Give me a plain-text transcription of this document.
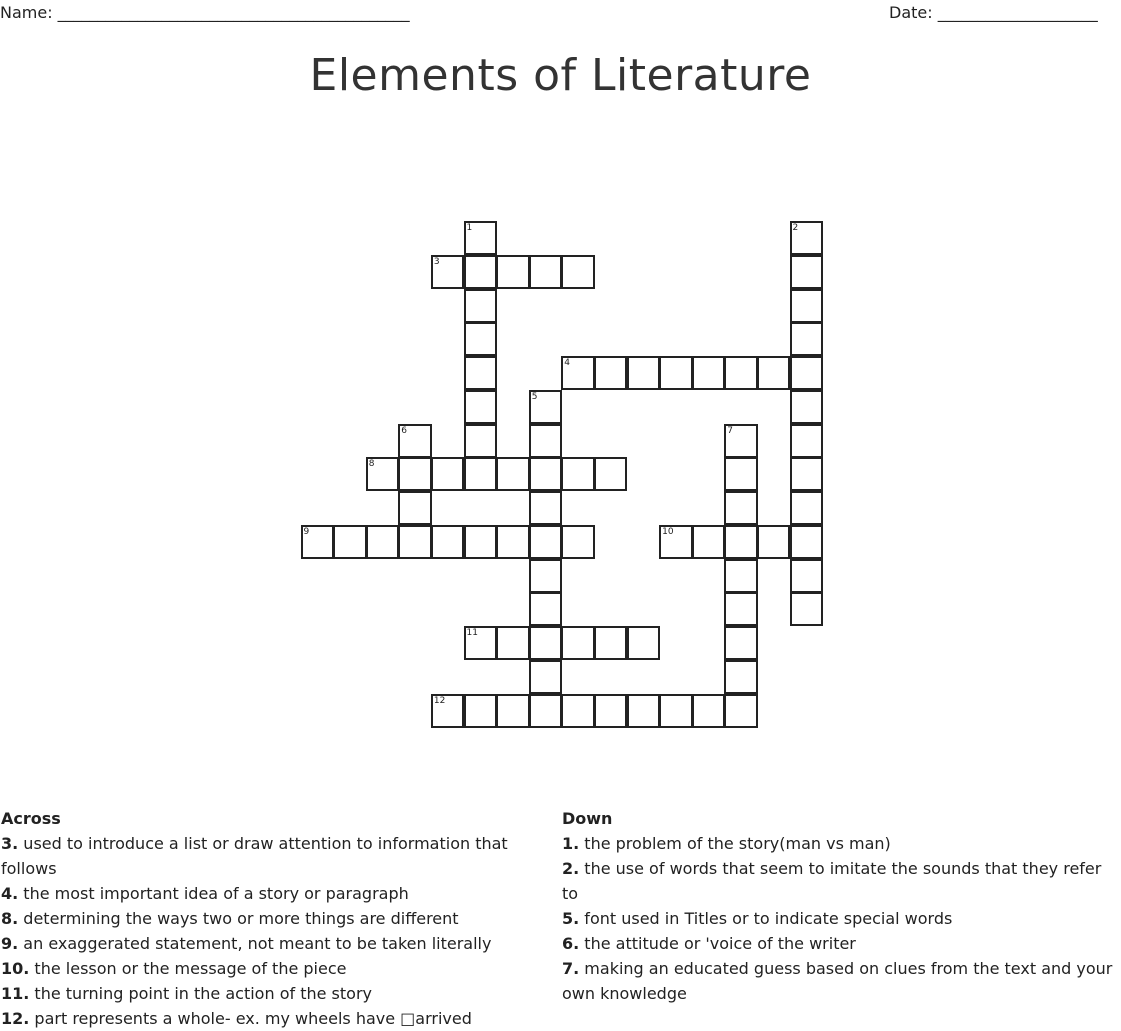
Name: ____________________________________________	Date: ____________________
Elements of Literature
1	2
3
4
5
6	7
8
9	10
11
12
Across
3. used to introduce a list or draw attention to information that follows
4. the most important idea of a story or paragraph
8. determining the ways two or more things are different
9. an exaggerated statement, not meant to be taken literally
10. the lesson or the message of the piece
11. the turning point in the action of the story
12. part represents a whole- ex. my wheels have □arrived
Down
1. the problem of the story(man vs man)
2. the use of words that seem to imitate the sounds that they refer to
5. font used in Titles or to indicate special words
6. the attitude or 'voice of the writer
7. making an educated guess based on clues from the text and your own knowledge
